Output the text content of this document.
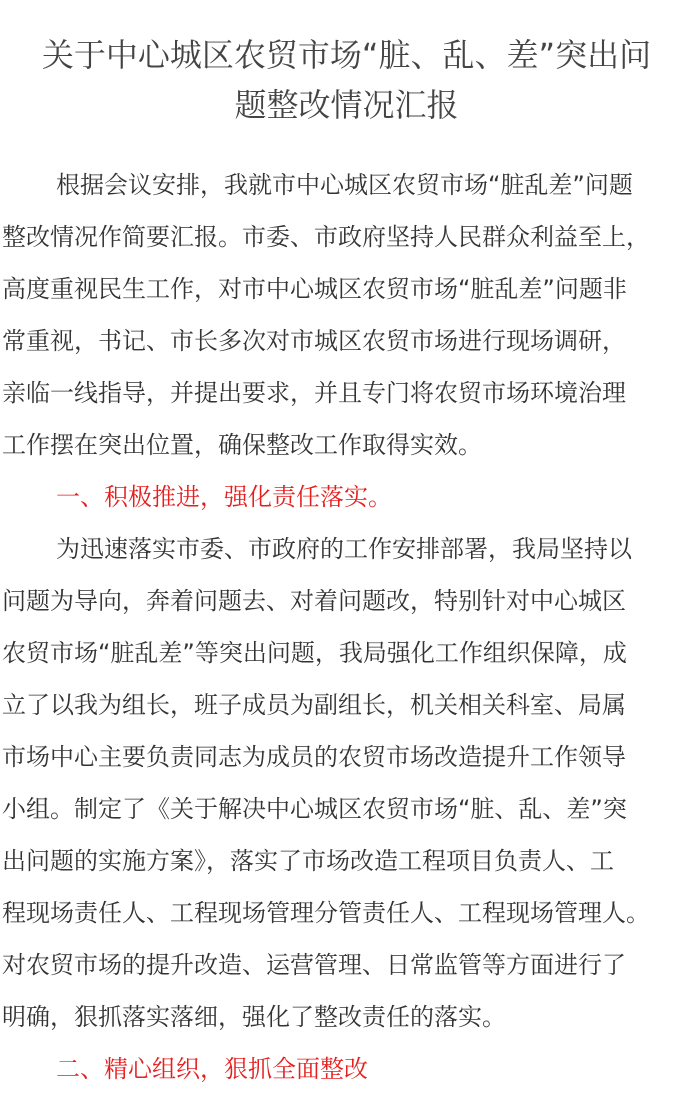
关于中心城区农贸市场“脏、乱、差”突出问
题整改情况汇报
根据会议安排，我就市中心城区农贸市场“脏乱差”问题
整改情况作简要汇报。市委、市政府坚持人民群众利益至上，
高度重视民生工作，对市中心城区农贸市场“脏乱差”问题非
常重视，书记、市长多次对市城区农贸市场进行现场调研，
亲临一线指导，并提出要求，并且专门将农贸市场环境治理
工作摆在突出位置，确保整改工作取得实效。
一、积极推进，强化责任落实。
为迅速落实市委、市政府的工作安排部署，我局坚持以
问题为导向，奔着问题去、对着问题改，特别针对中心城区
农贸市场“脏乱差”等突出问题，我局强化工作组织保障，成
立了以我为组长，班子成员为副组长，机关相关科室、局属
市场中心主要负责同志为成员的农贸市场改造提升工作领导
小组。制定了《关于解决中心城区农贸市场“脏、乱、差”突
出问题的实施方案》，落实了市场改造工程项目负责人、工
程现场责任人、工程现场管理分管责任人、工程现场管理人。
对农贸市场的提升改造、运营管理、日常监管等方面进行了
明确，狠抓落实落细，强化了整改责任的落实。
二、精心组织，狠抓全面整改
